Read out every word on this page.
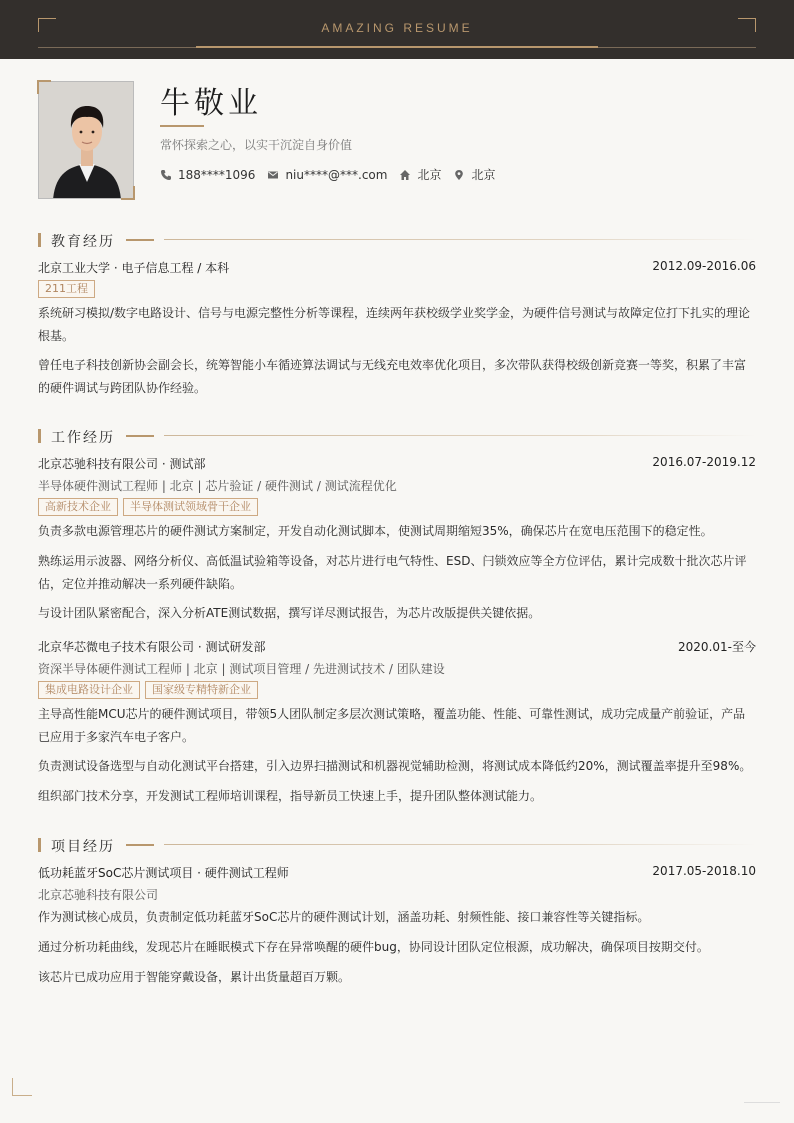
AMAZING RESUME
牛敬业
常怀探索之心，以实干沉淀自身价值
188****1096	niu****@***.com	北京	北京
教育经历
北京工业大学 · 电子信息工程 / 本科	2012.09-2016.06
211工程
系统研习模拟/数字电路设计、信号与电源完整性分析等课程，连续两年获校级学业奖学金，为硬件信号测试与故障定位打下扎实的理论根基。
曾任电子科技创新协会副会长，统筹智能小车循迹算法调试与无线充电效率优化项目，多次带队获得校级创新竞赛一等奖，积累了丰富的硬件调试与跨团队协作经验。
工作经历
北京芯驰科技有限公司 · 测试部	2016.07-2019.12
半导体硬件测试工程师 | 北京 | 芯片验证 / 硬件测试 / 测试流程优化
高新技术企业	半导体测试领域骨干企业
负责多款电源管理芯片的硬件测试方案制定，开发自动化测试脚本，使测试周期缩短35%，确保芯片在宽电压范围下的稳定性。
熟练运用示波器、网络分析仪、高低温试验箱等设备，对芯片进行电气特性、ESD、闩锁效应等全方位评估，累计完成数十批次芯片评估，定位并推动解决一系列硬件缺陷。
与设计团队紧密配合，深入分析ATE测试数据，撰写详尽测试报告，为芯片改版提供关键依据。
北京华芯微电子技术有限公司 · 测试研发部	2020.01-至今
资深半导体硬件测试工程师 | 北京 | 测试项目管理 / 先进测试技术 / 团队建设
集成电路设计企业	国家级专精特新企业
主导高性能MCU芯片的硬件测试项目，带领5人团队制定多层次测试策略，覆盖功能、性能、可靠性测试，成功完成量产前验证，产品已应用于多家汽车电子客户。
负责测试设备选型与自动化测试平台搭建，引入边界扫描测试和机器视觉辅助检测，将测试成本降低约20%，测试覆盖率提升至98%。
组织部门技术分享，开发测试工程师培训课程，指导新员工快速上手，提升团队整体测试能力。
项目经历
低功耗蓝牙SoC芯片测试项目 · 硬件测试工程师	2017.05-2018.10
北京芯驰科技有限公司
作为测试核心成员，负责制定低功耗蓝牙SoC芯片的硬件测试计划，涵盖功耗、射频性能、接口兼容性等关键指标。
通过分析功耗曲线，发现芯片在睡眠模式下存在异常唤醒的硬件bug，协同设计团队定位根源，成功解决，确保项目按期交付。
该芯片已成功应用于智能穿戴设备，累计出货量超百万颗。
